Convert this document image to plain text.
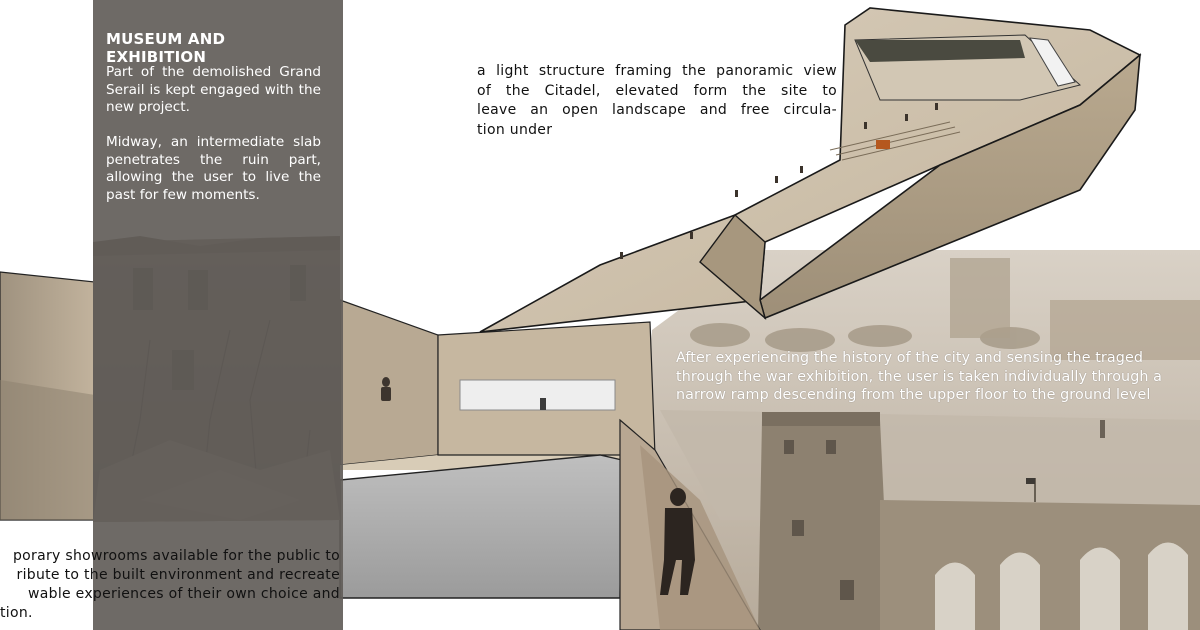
MUSEUM AND EXHIBITION
Part of the demolished Grand Serail is kept engaged with the new project.
Midway, an intermediate slab penetrates the ruin part, allowing the user to live the past for few moments.
a light structure framing the panoramic view
of the Citadel, elevated form the site to
leave an open landscape and free circula-
tion under
After experiencing the history of the city and sensing the traged
through the war exhibition, the user is taken individually through a
narrow ramp descending from the upper floor to the ground level
porary showrooms available for the public to
ribute to the built environment and recreate
wable experiences of their own choice and
tion.
